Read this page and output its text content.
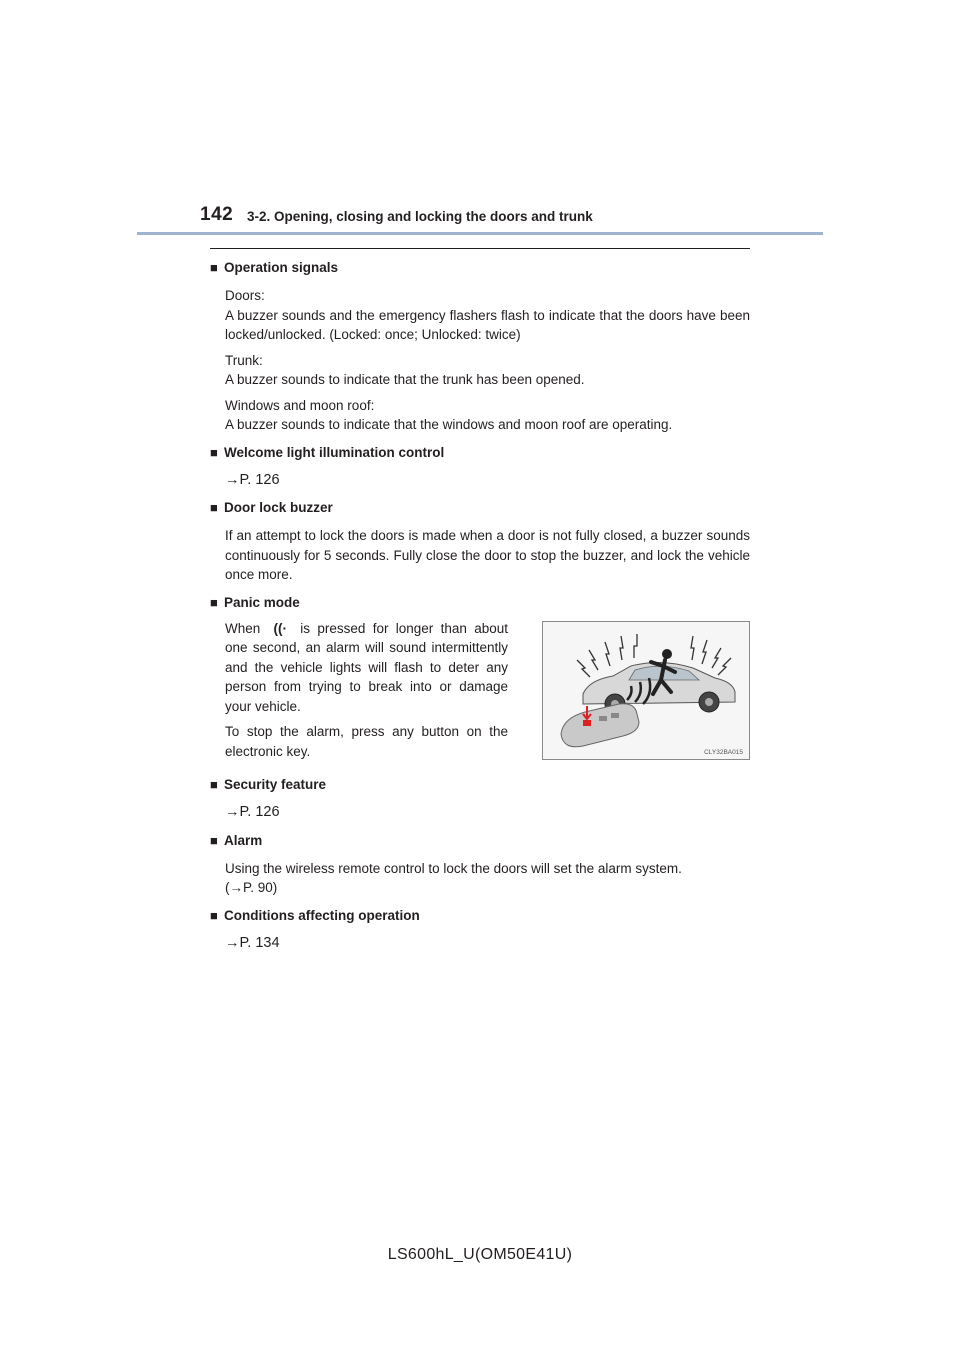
142 3-2. Opening, closing and locking the doors and trunk
■ Operation signals

Doors:
A buzzer sounds and the emergency flashers flash to indicate that the doors have been locked/unlocked. (Locked: once; Unlocked: twice)

Trunk:
A buzzer sounds to indicate that the trunk has been opened.

Windows and moon roof:
A buzzer sounds to indicate that the windows and moon roof are operating.

■ Welcome light illumination control

→P. 126

■ Door lock buzzer

If an attempt to lock the doors is made when a door is not fully closed, a buzzer sounds continuously for 5 seconds. Fully close the door to stop the buzzer, and lock the vehicle once more.

■ Panic mode

When ((· is pressed for longer than about one second, an alarm will sound intermittently and the vehicle lights will flash to deter any person from trying to break into or damage your vehicle.

To stop the alarm, press any button on the electronic key.	CLY32BA015
■ Security feature

→P. 126

■ Alarm

Using the wireless remote control to lock the doors will set the alarm system.
(→P. 90)

■ Conditions affecting operation

→P. 134

LS600hL_U(OM50E41U)
